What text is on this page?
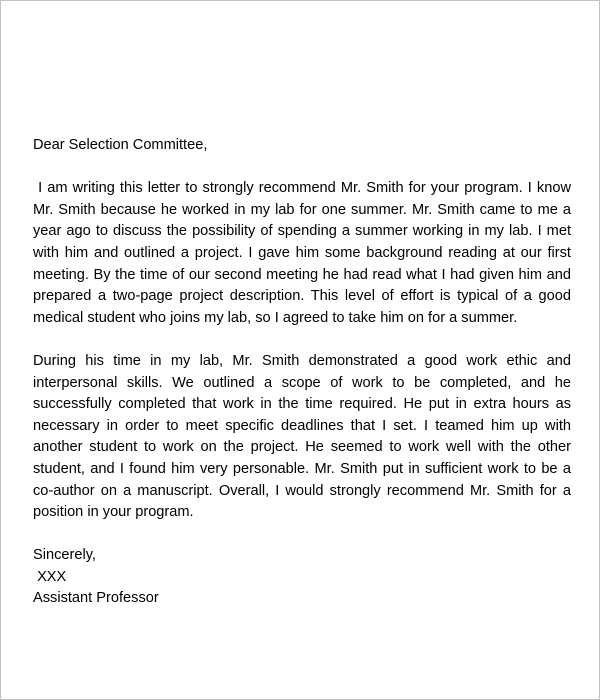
Dear Selection Committee,

I am writing this letter to strongly recommend Mr. Smith for your program. I know Mr. Smith because he worked in my lab for one summer. Mr. Smith came to me a year ago to discuss the possibility of spending a summer working in my lab. I met with him and outlined a project. I gave him some background reading at our first meeting. By the time of our second meeting he had read what I had given him and prepared a two-page project description. This level of effort is typical of a good medical student who joins my lab, so I agreed to take him on for a summer.

During his time in my lab, Mr. Smith demonstrated a good work ethic and interpersonal skills. We outlined a scope of work to be completed, and he successfully completed that work in the time required. He put in extra hours as necessary in order to meet specific deadlines that I set. I teamed him up with another student to work on the project. He seemed to work well with the other student, and I found him very personable. Mr. Smith put in sufficient work to be a co-author on a manuscript. Overall, I would strongly recommend Mr. Smith for a position in your program.

Sincerely,

XXX

Assistant Professor
